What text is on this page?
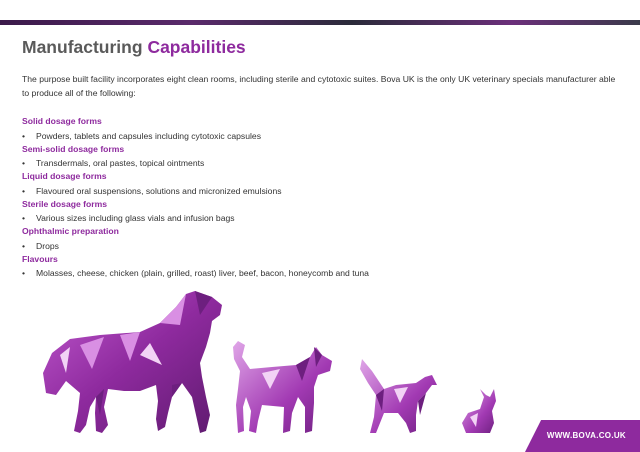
Manufacturing Capabilities

The purpose built facility incorporates eight clean rooms, including sterile and cytotoxic suites. Bova UK is the only UK veterinary specials manufacturer able to produce all of the following:

Solid dosage forms
• Powders, tablets and capsules including cytotoxic capsules
Semi-solid dosage forms
• Transdermals, oral pastes, topical ointments
Liquid dosage forms
• Flavoured oral suspensions, solutions and micronized emulsions
Sterile dosage forms
• Various sizes including glass vials and infusion bags
Ophthalmic preparation
• Drops
Flavours
• Molasses, cheese, chicken (plain, grilled, roast) liver, beef, bacon, honeycomb and tuna
WWW.BOVA.CO.UK
